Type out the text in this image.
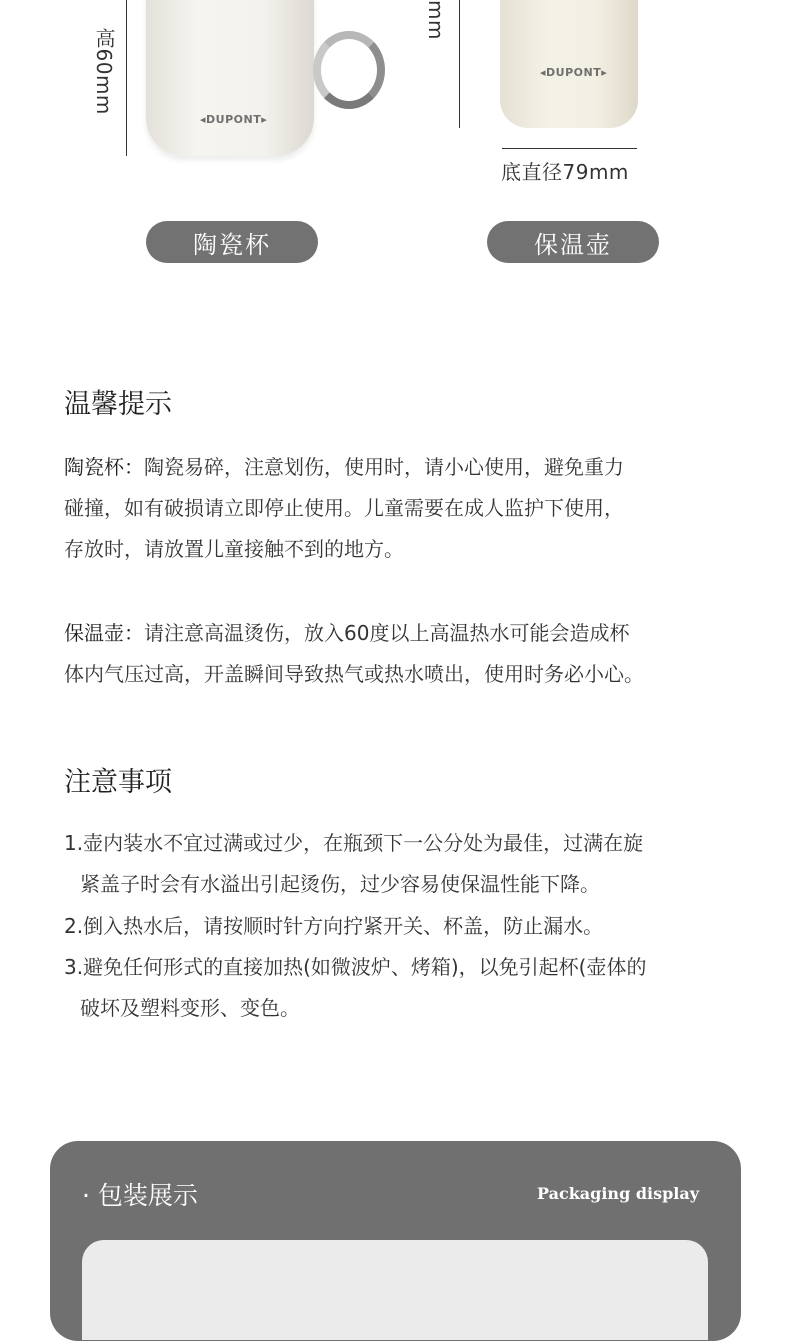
高60mm
◂DUPONT▸
mm
◂DUPONT▸
底直径79mm
陶瓷杯	保温壶
温馨提示
陶瓷杯：陶瓷易碎，注意划伤，使用时，请小心使用，避免重力
碰撞，如有破损请立即停止使用。儿童需要在成人监护下使用，
存放时，请放置儿童接触不到的地方。
保温壶：请注意高温烫伤，放入60度以上高温热水可能会造成杯
体内气压过高，开盖瞬间导致热气或热水喷出，使用时务必小心。
注意事项
1.壶内装水不宜过满或过少，在瓶颈下一公分处为最佳，过满在旋
紧盖子时会有水溢出引起烫伤，过少容易使保温性能下降。
2.倒入热水后，请按顺时针方向拧紧开关、杯盖，防止漏水。
3.避免任何形式的直接加热(如微波炉、烤箱)，以免引起杯(壶体的
破坏及塑料变形、变色。
· 包装展示	Packaging display
